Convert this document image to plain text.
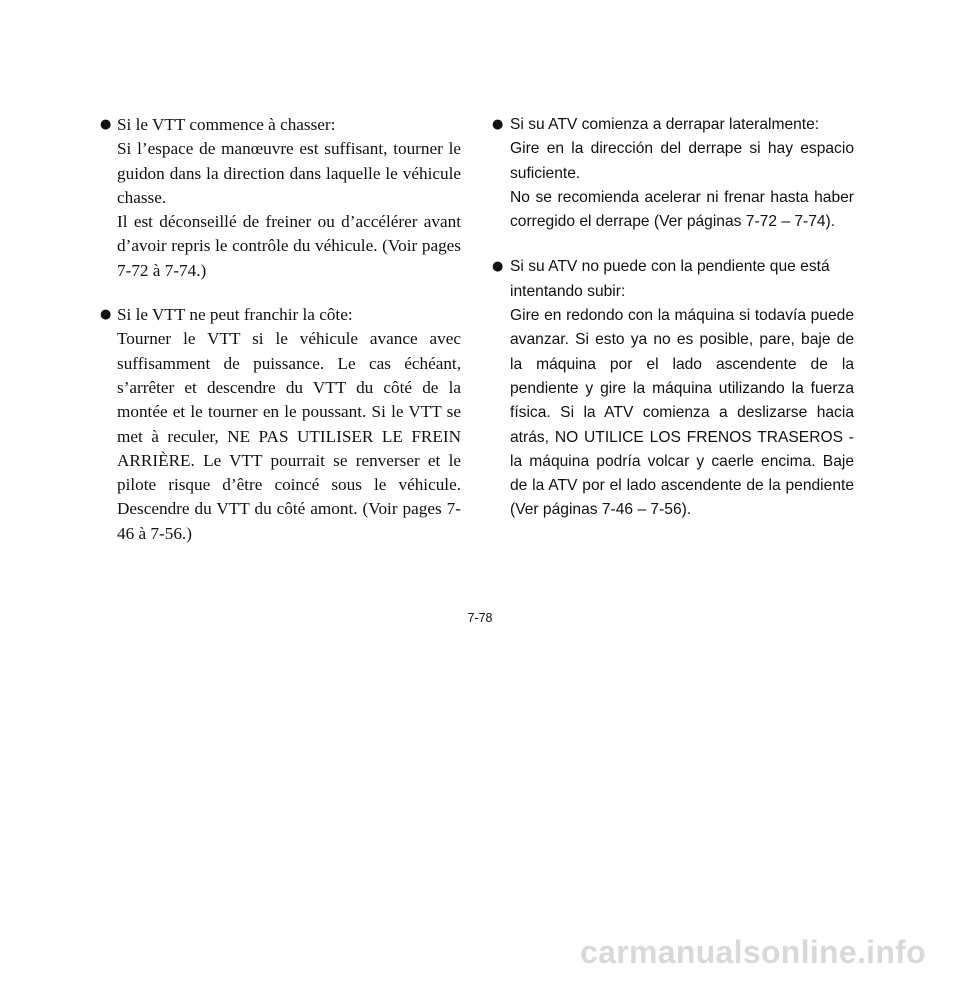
● Si le VTT commence à chasser:
Si l’espace de manœuvre est suffisant, tourner le guidon dans la direction dans laquelle le véhicule chasse.
Il est déconseillé de freiner ou d’accélérer avant d’avoir repris le contrôle du véhicule. (Voir pages 7-72 à 7-74.)
● Si le VTT ne peut franchir la côte:
Tourner le VTT si le véhicule avance avec suffisamment de puissance. Le cas échéant, s’arrêter et descendre du VTT du côté de la montée et le tourner en le poussant. Si le VTT se met à reculer, NE PAS UTILISER LE FREIN ARRIÈRE. Le VTT pourrait se renverser et le pilote risque d’être coincé sous le véhicule. Descendre du VTT du côté amont. (Voir pages 7-46 à 7-56.)
● Si su ATV comienza a derrapar lateralmente:
Gire en la dirección del derrape si hay espacio suficiente.
No se recomienda acelerar ni frenar hasta haber corregido el derrape (Ver páginas 7-72 – 7-74).
● Si su ATV no puede con la pendiente que está intentando subir:
Gire en redondo con la máquina si todavía puede avanzar. Si esto ya no es posible, pare, baje de la máquina por el lado ascendente de la pendiente y gire la máquina utilizando la fuerza física. Si la ATV comienza a deslizarse hacia atrás, NO UTILICE LOS FRENOS TRASEROS - la máquina podría volcar y caerle encima. Baje de la ATV por el lado ascendente de la pendiente (Ver páginas 7-46 – 7-56).
7-78
carmanualsonline.info
